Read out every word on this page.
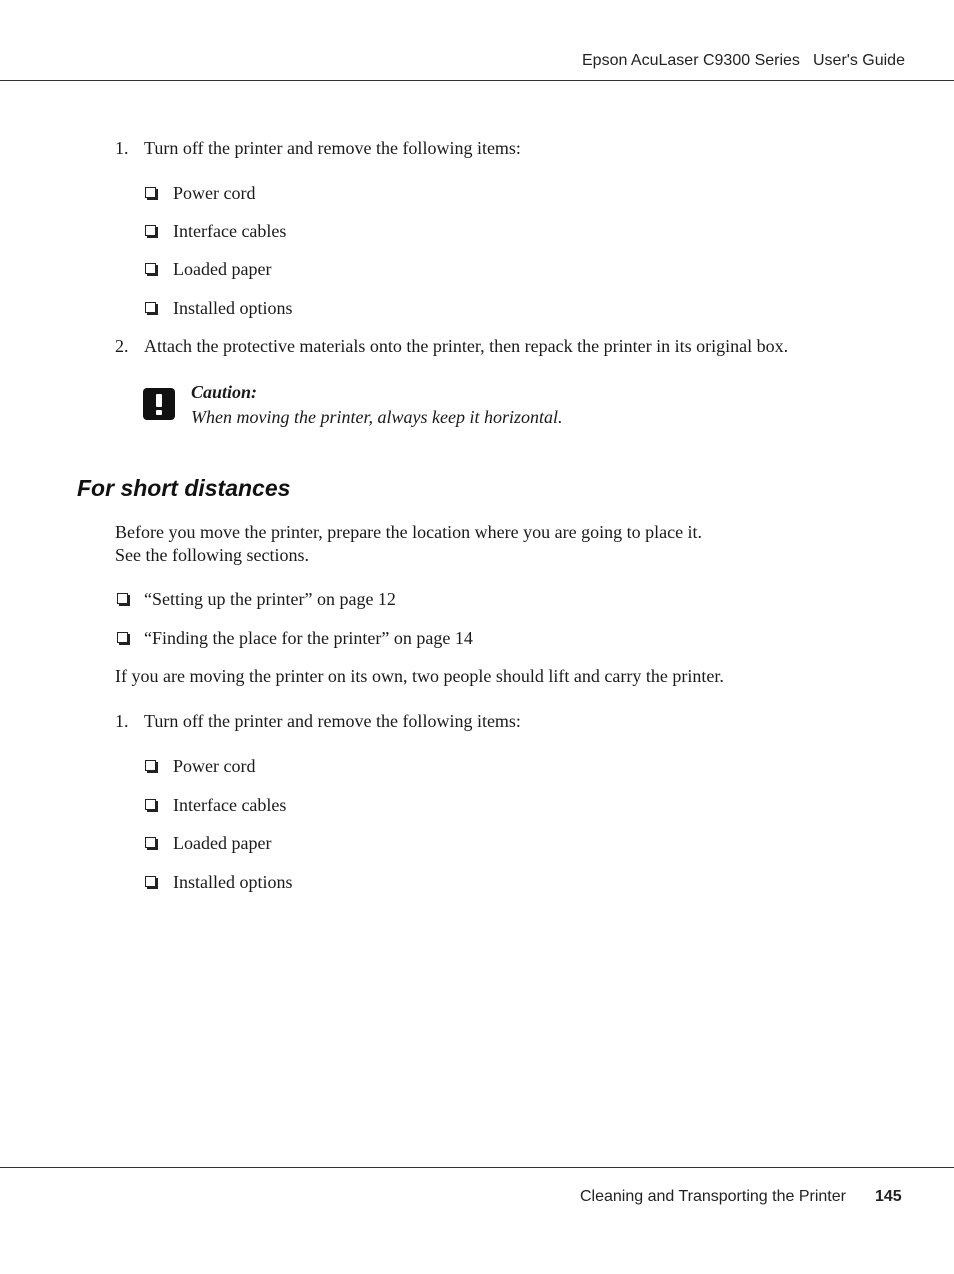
Epson AcuLaser C9300 Series User's Guide
1. Turn off the printer and remove the following items:
Power cord
Interface cables
Loaded paper
Installed options
2. Attach the protective materials onto the printer, then repack the printer in its original box.
Caution:
When moving the printer, always keep it horizontal.
For short distances
Before you move the printer, prepare the location where you are going to place it.
See the following sections.
“Setting up the printer” on page 12
“Finding the place for the printer” on page 14
If you are moving the printer on its own, two people should lift and carry the printer.
1. Turn off the printer and remove the following items:
Power cord
Interface cables
Loaded paper
Installed options
Cleaning and Transporting the Printer 145
